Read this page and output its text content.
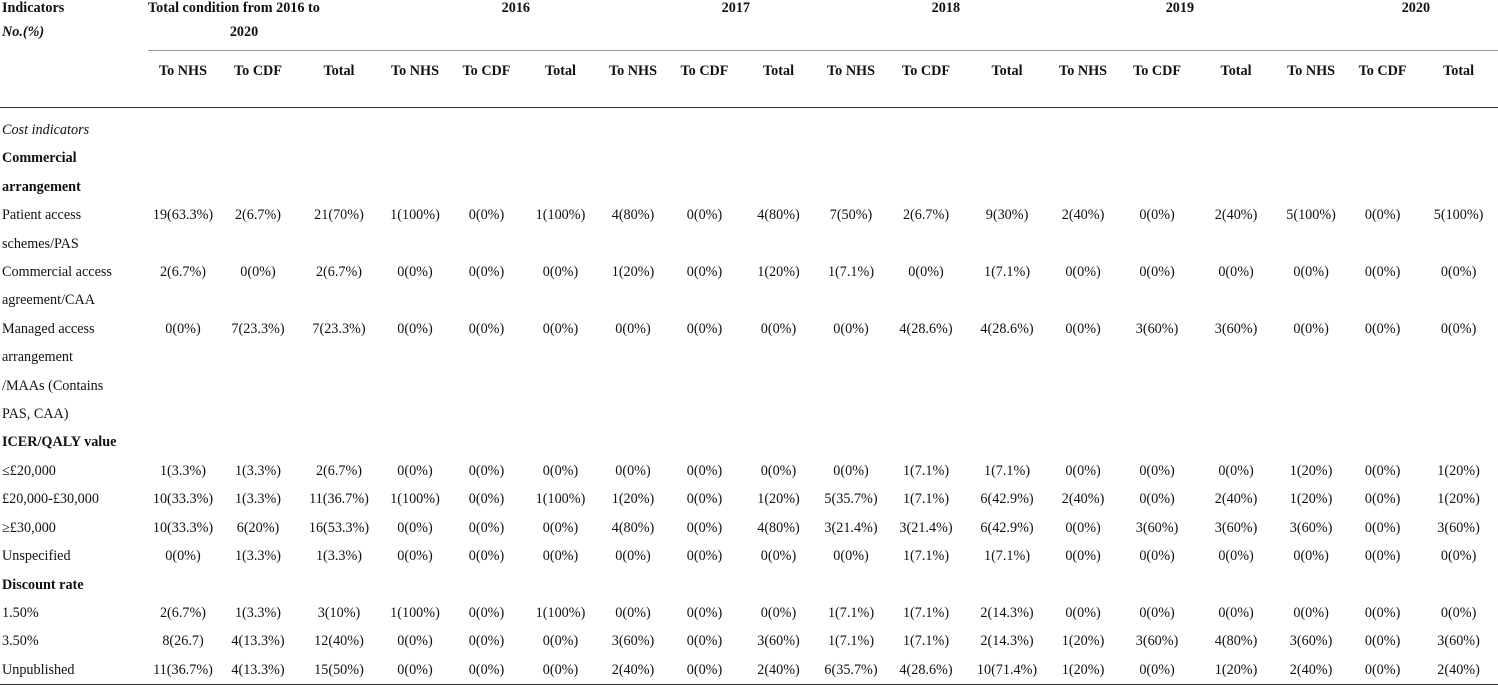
Indicators	Total condition from 2016 to			2016			2017			2018			2019			2020		
No.(%)	2020																	
	To NHS	To CDF	Total	To NHS	To CDF	Total	To NHS	To CDF	Total	To NHS	To CDF	Total	To NHS	To CDF	Total	To NHS	To CDF	Total

Cost indicators																		
Commercial																		
arrangement																		

Patient access
schemes/PAS	19(63.3%)	2(6.7%)	21(70%)	1(100%)	0(0%)	1(100%)	4(80%)	0(0%)	4(80%)	7(50%)	2(6.7%)	9(30%)	2(40%)	0(0%)	2(40%)	5(100%)	0(0%)	5(100%)

Commercial access
agreement/CAA	2(6.7%)	0(0%)	2(6.7%)	0(0%)	0(0%)	0(0%)	1(20%)	0(0%)	1(20%)	1(7.1%)	0(0%)	1(7.1%)	0(0%)	0(0%)	0(0%)	0(0%)	0(0%)	0(0%)

Managed access
arrangement
/MAAs (Contains
PAS, CAA)	0(0%)	7(23.3%)	7(23.3%)	0(0%)	0(0%)	0(0%)	0(0%)	0(0%)	0(0%)	0(0%)	4(28.6%)	4(28.6%)	0(0%)	3(60%)	3(60%)	0(0%)	0(0%)	0(0%)
ICER/QALY value																		

≤£20,000	1(3.3%)	1(3.3%)	2(6.7%)	0(0%)	0(0%)	0(0%)	0(0%)	0(0%)	0(0%)	0(0%)	1(7.1%)	1(7.1%)	0(0%)	0(0%)	0(0%)	1(20%)	0(0%)	1(20%)

£20,000-£30,000	10(33.3%)	1(3.3%)	11(36.7%)	1(100%)	0(0%)	1(100%)	1(20%)	0(0%)	1(20%)	5(35.7%)	1(7.1%)	6(42.9%)	2(40%)	0(0%)	2(40%)	1(20%)	0(0%)	1(20%)

≥£30,000	10(33.3%)	6(20%)	16(53.3%)	0(0%)	0(0%)	0(0%)	4(80%)	0(0%)	4(80%)	3(21.4%)	3(21.4%)	6(42.9%)	0(0%)	3(60%)	3(60%)	3(60%)	0(0%)	3(60%)

Unspecified	0(0%)	1(3.3%)	1(3.3%)	0(0%)	0(0%)	0(0%)	0(0%)	0(0%)	0(0%)	0(0%)	1(7.1%)	1(7.1%)	0(0%)	0(0%)	0(0%)	0(0%)	0(0%)	0(0%)
Discount rate																		

1.50%	2(6.7%)	1(3.3%)	3(10%)	1(100%)	0(0%)	1(100%)	0(0%)	0(0%)	0(0%)	1(7.1%)	1(7.1%)	2(14.3%)	0(0%)	0(0%)	0(0%)	0(0%)	0(0%)	0(0%)

3.50%	8(26.7)	4(13.3%)	12(40%)	0(0%)	0(0%)	0(0%)	3(60%)	0(0%)	3(60%)	1(7.1%)	1(7.1%)	2(14.3%)	1(20%)	3(60%)	4(80%)	3(60%)	0(0%)	3(60%)

Unpublished	11(36.7%)	4(13.3%)	15(50%)	0(0%)	0(0%)	0(0%)	2(40%)	0(0%)	2(40%)	6(35.7%)	4(28.6%)	10(71.4%)	1(20%)	0(0%)	1(20%)	2(40%)	0(0%)	2(40%)
